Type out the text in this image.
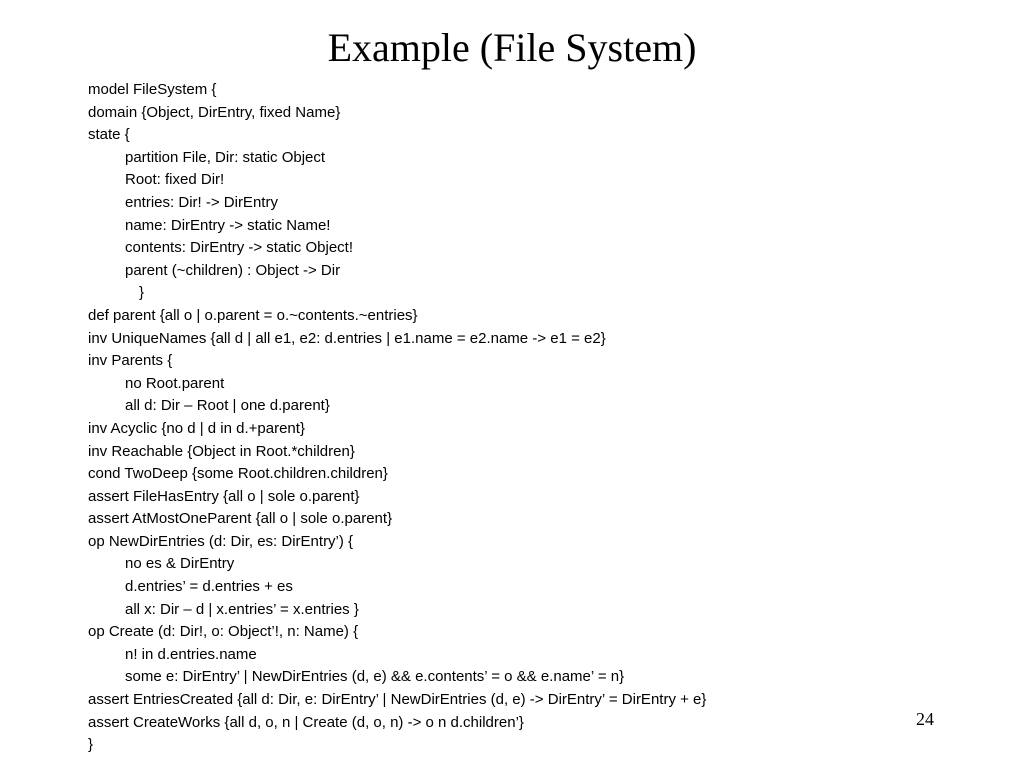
Example (File System)
model FileSystem {
domain {Object, DirEntry, fixed Name}
state {
partition File, Dir: static Object
Root: fixed Dir!
entries: Dir! -> DirEntry
name: DirEntry -> static Name!
contents: DirEntry -> static Object!
parent (~children) : Object -> Dir
}
def parent {all o | o.parent = o.~contents.~entries}
inv UniqueNames {all d | all e1, e2: d.entries | e1.name = e2.name -> e1 = e2}
inv Parents {
no Root.parent
all d: Dir – Root | one d.parent}
inv Acyclic {no d | d in d.+parent}
inv Reachable {Object in Root.*children}
cond TwoDeep {some Root.children.children}
assert FileHasEntry {all o | sole o.parent}
assert AtMostOneParent {all o | sole o.parent}
op NewDirEntries (d: Dir, es: DirEntry’) {
no es & DirEntry
d.entries’ = d.entries + es
all x: Dir – d | x.entries’ = x.entries }
op Create (d: Dir!, o: Object’!, n: Name) {
n! in d.entries.name
some e: DirEntry’ | NewDirEntries (d, e) && e.contents’ = o && e.name’ = n}
assert EntriesCreated {all d: Dir, e: DirEntry’ | NewDirEntries (d, e) -> DirEntry’ = DirEntry + e}
assert CreateWorks {all d, o, n | Create (d, o, n) -> o n d.children’}
}
24
